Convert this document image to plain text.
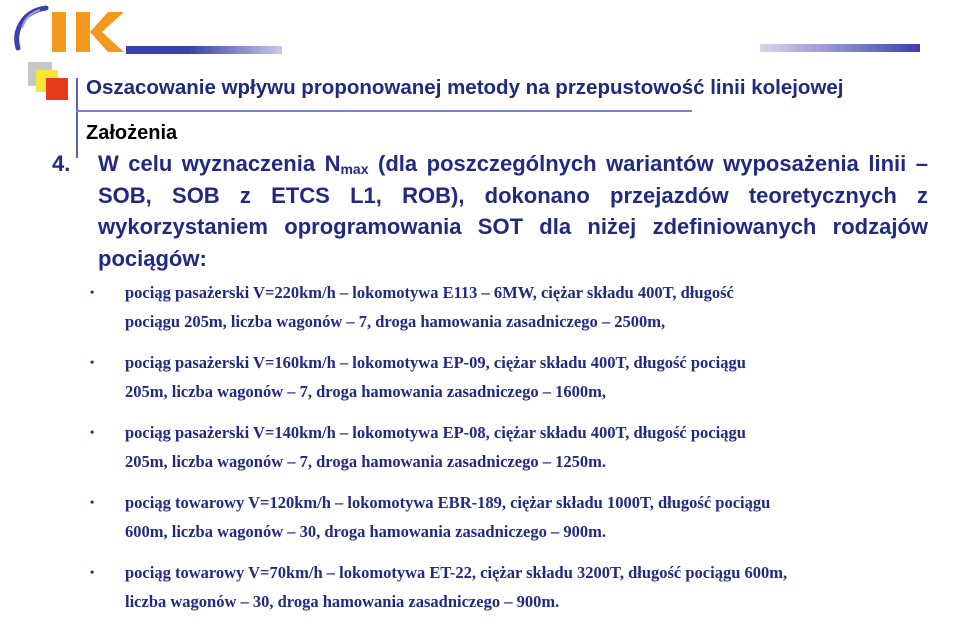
Oszacowanie wpływu proponowanej metody na przepustowość linii kolejowej
Założenia
4.	W celu wyznaczenia $N_{max}$ (dla poszczególnych wariantów wyposażenia linii –
SOB, SOB z ETCS L1, ROB), dokonano przejazdów teoretycznych z
wykorzystaniem oprogramowania SOT dla niżej zdefiniowanych rodzajów
pociągów:
• pociąg pasażerski V=220km/h – lokomotywa E113 – 6MW, ciężar składu 400T, długość
pociągu 205m, liczba wagonów – 7, droga hamowania zasadniczego – 2500m,
• pociąg pasażerski V=160km/h – lokomotywa EP-09, ciężar składu 400T, długość pociągu
205m, liczba wagonów – 7, droga hamowania zasadniczego – 1600m,
• pociąg pasażerski V=140km/h – lokomotywa EP-08, ciężar składu 400T, długość pociągu
205m, liczba wagonów – 7, droga hamowania zasadniczego – 1250m.
• pociąg towarowy V=120km/h – lokomotywa EBR-189, ciężar składu 1000T, długość pociągu
600m, liczba wagonów – 30, droga hamowania zasadniczego – 900m.
• pociąg towarowy V=70km/h – lokomotywa ET-22, ciężar składu 3200T, długość pociągu 600m,
liczba wagonów – 30, droga hamowania zasadniczego – 900m.
